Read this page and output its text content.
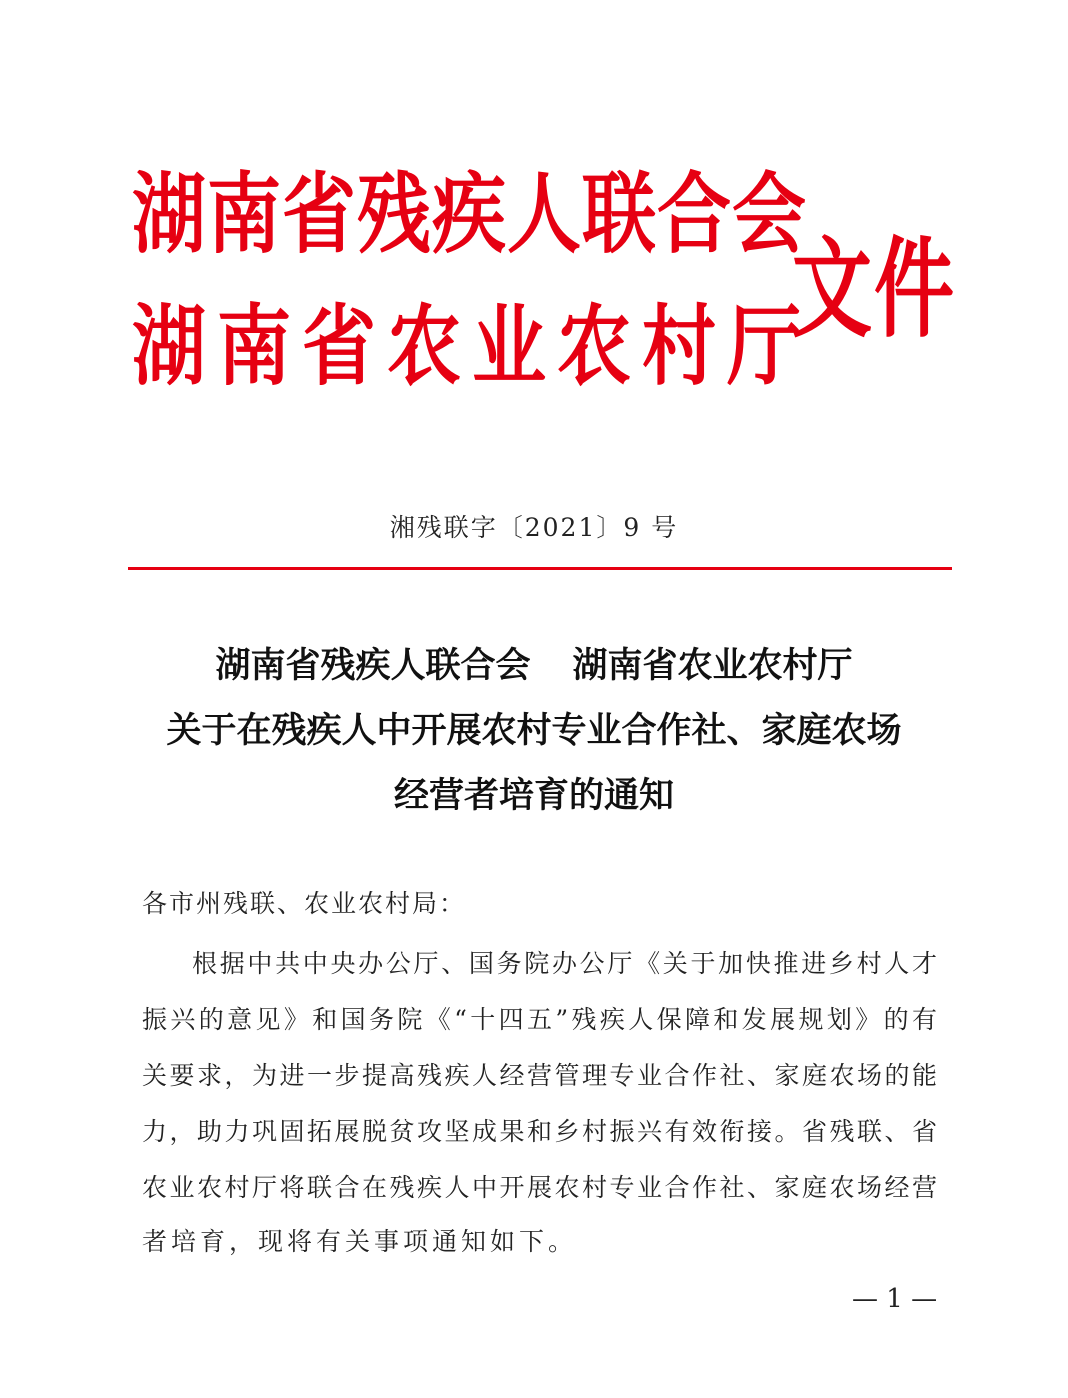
湖南省残疾人联合会
湖南省农业农村厅
文件
湘残联字〔2021〕9 号
湖南省残疾人联合会 湖南省农业农村厅
关于在残疾人中开展农村专业合作社、家庭农场
经营者培育的通知
各市州残联、农业农村局：
根据中共中央办公厅、国务院办公厅《关于加快推进乡村人才
振兴的意见》和国务院《“十四五”残疾人保障和发展规划》的有
关要求，为进一步提高残疾人经营管理专业合作社、家庭农场的能
力，助力巩固拓展脱贫攻坚成果和乡村振兴有效衔接。省残联、省
农业农村厅将联合在残疾人中开展农村专业合作社、家庭农场经营
者培育，现将有关事项通知如下。
— 1 —
